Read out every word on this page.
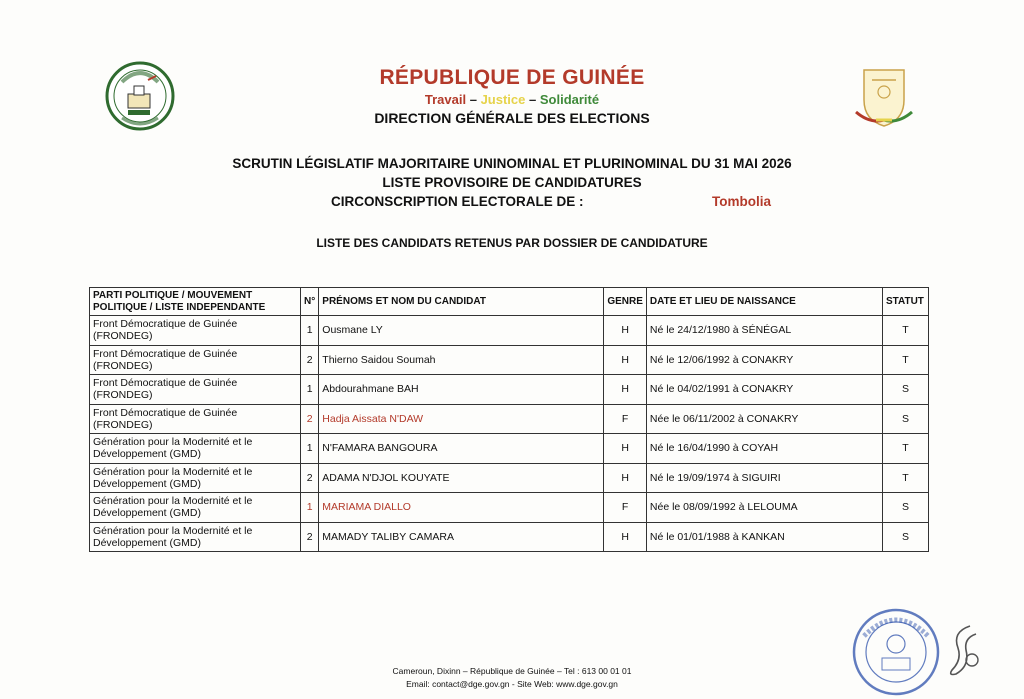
RÉPUBLIQUE DE GUINÉE
Travail – Justice – Solidarité
DIRECTION GÉNÉRALE DES ELECTIONS
SCRUTIN LÉGISLATIF MAJORITAIRE UNINOMINAL ET PLURINOMINAL DU 31 MAI 2026
LISTE PROVISOIRE DE CANDIDATURES
CIRCONSCRIPTION ELECTORALE DE :	Tombolia
LISTE DES CANDIDATS RETENUS PAR DOSSIER DE CANDIDATURE
PARTI POLITIQUE / MOUVEMENT POLITIQUE / LISTE INDEPENDANTE	N°	PRÉNOMS ET NOM DU CANDIDAT	GENRE	DATE ET LIEU DE NAISSANCE	STATUT
Front Démocratique de Guinée (FRONDEG)	1	Ousmane LY	H	Né le 24/12/1980 à SÉNÉGAL	T
Front Démocratique de Guinée (FRONDEG)	2	Thierno Saidou Soumah	H	Né le 12/06/1992 à CONAKRY	T
Front Démocratique de Guinée (FRONDEG)	1	Abdourahmane BAH	H	Né le 04/02/1991 à CONAKRY	S
Front Démocratique de Guinée (FRONDEG)	2	Hadja Aissata N'DAW	F	Née le 06/11/2002 à CONAKRY	S
Génération pour la Modernité et le Développement (GMD)	1	N'FAMARA BANGOURA	H	Né le 16/04/1990 à COYAH	T
Génération pour la Modernité et le Développement (GMD)	2	ADAMA N'DJOL KOUYATE	H	Né le 19/09/1974 à SIGUIRI	T
Génération pour la Modernité et le Développement (GMD)	1	MARIAMA DIALLO	F	Née le 08/09/1992 à LELOUMA	S
Génération pour la Modernité et le Développement (GMD)	2	MAMADY TALIBY CAMARA	H	Né le 01/01/1988 à KANKAN	S
Cameroun, Dixinn – République de Guinée – Tel : 613 00 01 01
Email: contact@dge.gov.gn - Site Web: www.dge.gov.gn
